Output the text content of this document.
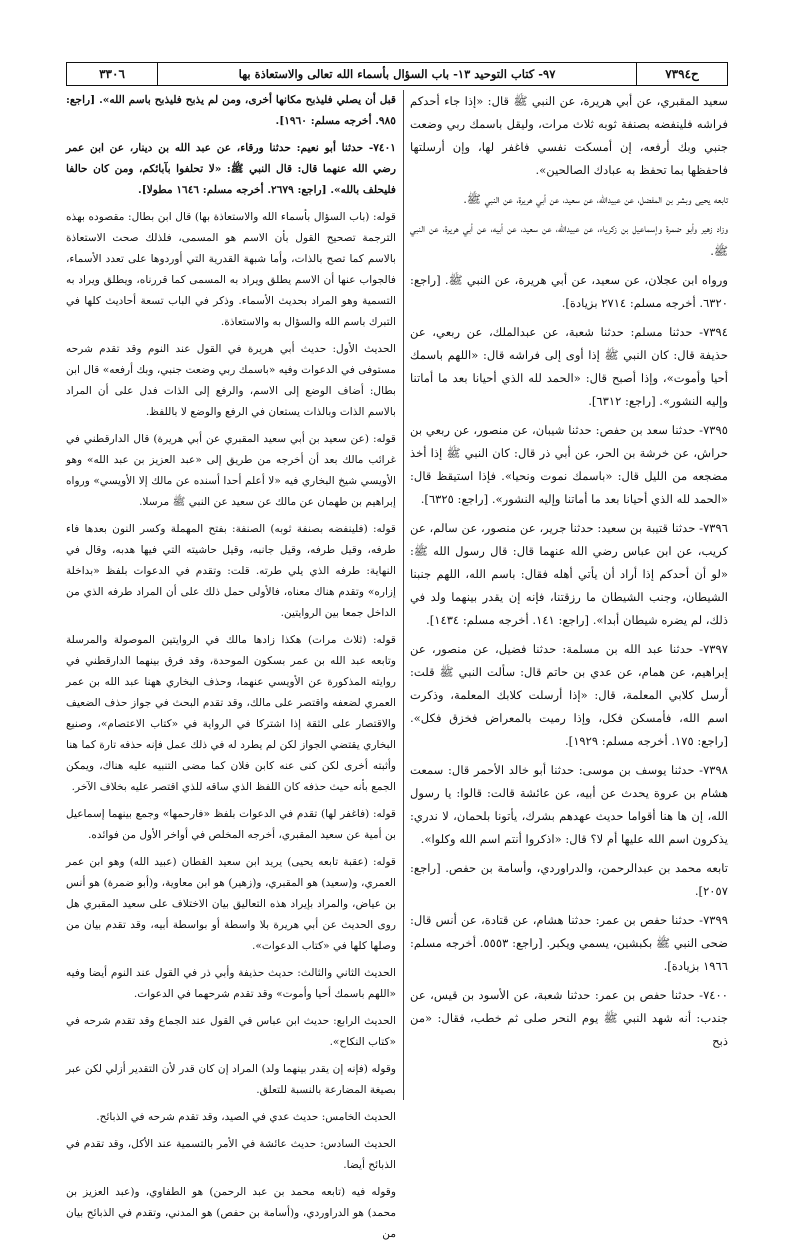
ح٧٣٩٤
٩٧- كتاب التوحيد ١٣- باب السؤال بأسماء الله تعالى والاستعاذة بها
٣٣٠٦

سعيد المقبري، عن أبي هريرة، عن النبي ﷺ قال: «إذا جاء أحدكم فراشه فلينفضه بصنفة ثوبه ثلاث مرات، وليقل باسمك ربي وضعت جنبي وبك أرفعه، إن أمسكت نفسي فاغفر لها، وإن أرسلتها فاحفظها بما تحفظ به عبادك الصالحين».

تابعه يحيى وبشر بن المفضل، عن عبيدالله، عن سعيد، عن أبي هريرة، عن النبي ﷺ.

وزاد زهير وأبو ضمرة وإسماعيل بن زكرياء، عن عبيدالله، عن سعيد، عن أبيه، عن أبي هريرة، عن النبي ﷺ.

ورواه ابن عجلان، عن سعيد، عن أبي هريرة، عن النبي ﷺ. [راجع: ٦٣٢٠. أخرجه مسلم: ٢٧١٤ بزيادة].

٧٣٩٤- حدثنا مسلم: حدثنا شعبة، عن عبدالملك، عن ربعي، عن حذيفة قال: كان النبي ﷺ إذا أوى إلى فراشه قال: «اللهم باسمك أحيا وأموت»، وإذا أصبح قال: «الحمد لله الذي أحيانا بعد ما أماتنا وإليه النشور». [راجع: ٦٣١٢].

٧٣٩٥- حدثنا سعد بن حفص: حدثنا شيبان، عن منصور، عن ربعي بن حراش، عن خرشة بن الحر، عن أبي ذر قال: كان النبي ﷺ إذا أخذ مضجعه من الليل قال: «باسمك نموت ونحيا». فإذا استيقظ قال: «الحمد لله الذي أحيانا بعد ما أماتنا وإليه النشور». [راجع: ٦٣٢٥].

٧٣٩٦- حدثنا قتيبة بن سعيد: حدثنا جرير، عن منصور، عن سالم، عن كريب، عن ابن عباس رضي الله عنهما قال: قال رسول الله ﷺ: «لو أن أحدكم إذا أراد أن يأتي أهله فقال: باسم الله، اللهم جنبنا الشيطان، وجنب الشيطان ما رزقتنا، فإنه إن يقدر بينهما ولد في ذلك، لم يضره شيطان أبدا». [راجع: ١٤١. أخرجه مسلم: ١٤٣٤].

٧٣٩٧- حدثنا عبد الله بن مسلمة: حدثنا فضيل، عن منصور، عن إبراهيم، عن همام، عن عدي بن حاتم قال: سألت النبي ﷺ قلت: أرسل كلابي المعلمة، قال: «إذا أرسلت كلابك المعلمة، وذكرت اسم الله، فأمسكن فكل، وإذا رميت بالمعراض فخزق فكل». [راجع: ١٧٥. أخرجه مسلم: ١٩٢٩].

٧٣٩٨- حدثنا يوسف بن موسى: حدثنا أبو خالد الأحمر قال: سمعت هشام بن عروة يحدث عن أبيه، عن عائشة قالت: قالوا: يا رسول الله، إن ها هنا أقواما حديث عهدهم بشرك، يأتونا بلحمان، لا ندري: يذكرون اسم الله عليها أم لا؟ قال: «اذكروا أنتم اسم الله وكلوا».

تابعه محمد بن عبدالرحمن، والدراوردي، وأسامة بن حفص. [راجع: ٢٠٥٧].

٧٣٩٩- حدثنا حفص بن عمر: حدثنا هشام، عن قتادة، عن أنس قال: ضحى النبي ﷺ بكبشين، يسمي ويكبر. [راجع: ٥٥٥٣. أخرجه مسلم: ١٩٦٦ بزيادة].

٧٤٠٠- حدثنا حفص بن عمر: حدثنا شعبة، عن الأسود بن قيس، عن جندب: أنه شهد النبي ﷺ يوم النحر صلى ثم خطب، فقال: «من ذبح

قبل أن يصلي فليذبح مكانها أخرى، ومن لم يذبح فليذبح باسم الله». [راجع: ٩٨٥. أخرجه مسلم: ١٩٦٠].

٧٤٠١- حدثنا أبو نعيم: حدثنا ورقاء، عن عبد الله بن دينار، عن ابن عمر رضي الله عنهما قال: قال النبي ﷺ: «لا تحلفوا بآبائكم، ومن كان حالفا فليحلف بالله». [راجع: ٢٦٧٩. أخرجه مسلم: ١٦٤٦ مطولا].

قوله: (باب السؤال بأسماء الله والاستعاذة بها) قال ابن بطال: مقصوده بهذه الترجمة تصحيح القول بأن الاسم هو المسمى، فلذلك صحت الاستعاذة بالاسم كما تصح بالذات، وأما شبهة القدرية التي أوردوها على تعدد الأسماء، فالجواب عنها أن الاسم يطلق ويراد به المسمى كما قررناه، ويطلق ويراد به التسمية وهو المراد بحديث الأسماء. وذكر في الباب تسعة أحاديث كلها في التبرك باسم الله والسؤال به والاستعاذة.

الحديث الأول: حديث أبي هريرة في القول عند النوم وقد تقدم شرحه مستوفى في الدعوات وفيه «باسمك ربي وضعت جنبي، وبك أرفعه» قال ابن بطال: أضاف الوضع إلى الاسم، والرفع إلى الذات فدل على أن المراد بالاسم الذات وبالذات يستعان في الرفع والوضع لا باللفظ.

قوله: (عن سعيد بن أبي سعيد المقبري عن أبي هريرة) قال الدارقطني في غرائب مالك بعد أن أخرجه من طريق إلى «عبد العزيز بن عبد الله» وهو الأويسي شيخ البخاري فيه «لا أعلم أحدا أسنده عن مالك إلا الأويسي» ورواه إبراهيم بن طهمان عن مالك عن سعيد عن النبي ﷺ مرسلا.

قوله: (فلينفضه بصنفة ثوبه) الصنفة: بفتح المهملة وكسر النون بعدها فاء طرفه، وقيل طرفه، وقيل جانبه، وقيل حاشيته التي فيها هدبه، وقال في النهاية: طرفه الذي يلي طرته. قلت: وتقدم في الدعوات بلفظ «بداخلة إزاره» وتقدم هناك معناه، فالأولى حمل ذلك على أن المراد طرفه الذي من الداخل جمعا بين الروايتين.

قوله: (ثلاث مرات) هكذا زادها مالك في الروايتين الموصولة والمرسلة وتابعه عبد الله بن عمر بسكون الموحدة، وقد فرق بينهما الدارقطني في روايته المذكورة عن الأويسي عنهما، وحذف البخاري ههنا عبد الله بن عمر العمري لضعفه واقتصر على مالك، وقد تقدم البحث في جواز حذف الضعيف والاقتصار على الثقة إذا اشتركا في الرواية في «كتاب الاعتصام»، وصنيع البخاري يقتضي الجواز لكن لم يطرد له في ذلك عمل فإنه حذفه تارة كما هنا وأثبته أخرى لكن كنى عنه كابن فلان كما مضى التنبيه عليه هناك، ويمكن الجمع بأنه حيث حذفه كان اللفظ الذي ساقه للذي اقتصر عليه بخلاف الآخر.

قوله: (فاغفر لها) تقدم في الدعوات بلفظ «فارحمها» وجمع بينهما إسماعيل بن أمية عن سعيد المقبري، أخرجه المخلص في أواخر الأول من فوائده.

قوله: (عقبة تابعه يحيى) يريد ابن سعيد القطان (عبيد الله) وهو ابن عمر العمري، و(سعيد) هو المقبري، و(زهير) هو ابن معاوية، و(أبو ضمرة) هو أنس بن عياض، والمراد بإيراد هذه التعاليق بيان الاختلاف على سعيد المقبري هل روى الحديث عن أبي هريرة بلا واسطة أو بواسطة أبيه، وقد تقدم بيان من وصلها كلها في «كتاب الدعوات».

الحديث الثاني والثالث: حديث حذيفة وأبي ذر في القول عند النوم أيضا وفيه «اللهم باسمك أحيا وأموت» وقد تقدم شرحهما في الدعوات.

الحديث الرابع: حديث ابن عباس في القول عند الجماع وقد تقدم شرحه في «كتاب النكاح».

وقوله (فإنه إن يقدر بينهما ولد) المراد إن كان قدر لأن التقدير أزلي لكن عبر بصيغة المضارعة بالنسبة للتعلق.

الحديث الخامس: حديث عدي في الصيد، وقد تقدم شرحه في الذبائح.

الحديث السادس: حديث عائشة في الأمر بالتسمية عند الأكل، وقد تقدم في الذبائح أيضا.

وقوله فيه (تابعه محمد بن عبد الرحمن) هو الطفاوي، و(عبد العزيز بن محمد) هو الدراوردي، و(أسامة بن حفص) هو المدني، وتقدم في الذبائح بيان من
